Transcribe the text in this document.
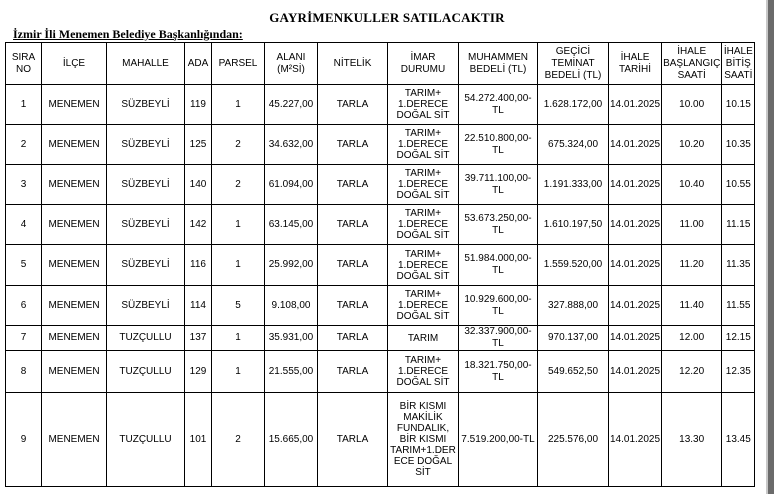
GAYRİMENKULLER SATILACAKTIR
İzmir İli Menemen Belediye Başkanlığından:
SIRA NO	İLÇE	MAHALLE	ADA	PARSEL	ALANI (M²Sİ)	NİTELİK	İMAR DURUMU	MUHAMMEN BEDELİ (TL)	GEÇİCİ TEMİNAT BEDELİ (TL)	İHALE TARİHİ	İHALE BAŞLANGIÇ SAATİ	İHALE BİTİŞ SAATİ
1	MENEMEN	SÜZBEYLİ	119	1	45.227,00	TARLA	TARIM+ 1.DERECE DOĞAL SİT	54.272.400,00-TL	1.628.172,00	14.01.2025	10.00	10.15
2	MENEMEN	SÜZBEYLİ	125	2	34.632,00	TARLA	TARIM+ 1.DERECE DOĞAL SİT	22.510.800,00-TL	675.324,00	14.01.2025	10.20	10.35
3	MENEMEN	SÜZBEYLİ	140	2	61.094,00	TARLA	TARIM+ 1.DERECE DOĞAL SİT	39.711.100,00-TL	1.191.333,00	14.01.2025	10.40	10.55
4	MENEMEN	SÜZBEYLİ	142	1	63.145,00	TARLA	TARIM+ 1.DERECE DOĞAL SİT	53.673.250,00-TL	1.610.197,50	14.01.2025	11.00	11.15
5	MENEMEN	SÜZBEYLİ	116	1	25.992,00	TARLA	TARIM+ 1.DERECE DOĞAL SİT	51.984.000,00-TL	1.559.520,00	14.01.2025	11.20	11.35
6	MENEMEN	SÜZBEYLİ	114	5	9.108,00	TARLA	TARIM+ 1.DERECE DOĞAL SİT	10.929.600,00-TL	327.888,00	14.01.2025	11.40	11.55
7	MENEMEN	TUZÇULLU	137	1	35.931,00	TARLA	TARIM	32.337.900,00-TL	970.137,00	14.01.2025	12.00	12.15
8	MENEMEN	TUZÇULLU	129	1	21.555,00	TARLA	TARIM+ 1.DERECE DOĞAL SİT	18.321.750,00-TL	549.652,50	14.01.2025	12.20	12.35
9	MENEMEN	TUZÇULLU	101	2	15.665,00	TARLA	BİR KISMI MAKİLİK FUNDALIK, BİR KISMI TARIM+1.DER ECE DOĞAL SİT	7.519.200,00-TL	225.576,00	14.01.2025	13.30	13.45
